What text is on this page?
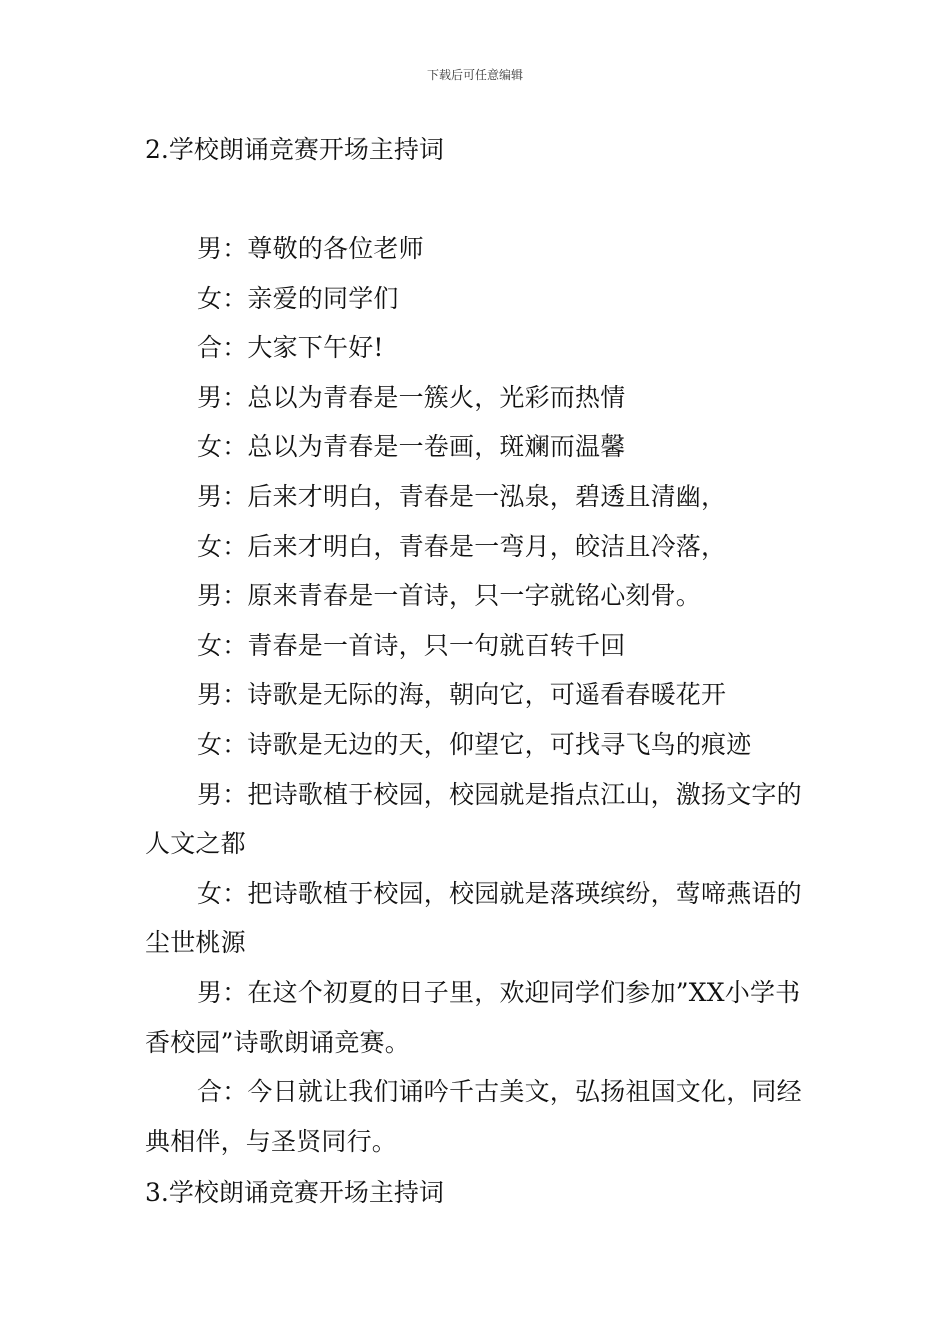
下载后可任意编辑
2.学校朗诵竞赛开场主持词

男：尊敬的各位老师

女：亲爱的同学们

合：大家下午好!

男：总以为青春是一簇火，光彩而热情

女：总以为青春是一卷画，斑斓而温馨

男：后来才明白，青春是一泓泉，碧透且清幽，

女：后来才明白，青春是一弯月，皎洁且冷落，

男：原来青春是一首诗，只一字就铭心刻骨。

女：青春是一首诗，只一句就百转千回

男：诗歌是无际的海，朝向它，可遥看春暖花开

女：诗歌是无边的天，仰望它，可找寻飞鸟的痕迹

男：把诗歌植于校园，校园就是指点江山，激扬文字的人文之都

女：把诗歌植于校园，校园就是落瑛缤纷，莺啼燕语的尘世桃源

男：在这个初夏的日子里，欢迎同学们参加”XX小学书香校园”诗歌朗诵竞赛。

合：今日就让我们诵吟千古美文，弘扬祖国文化，同经典相伴，与圣贤同行。

3.学校朗诵竞赛开场主持词
